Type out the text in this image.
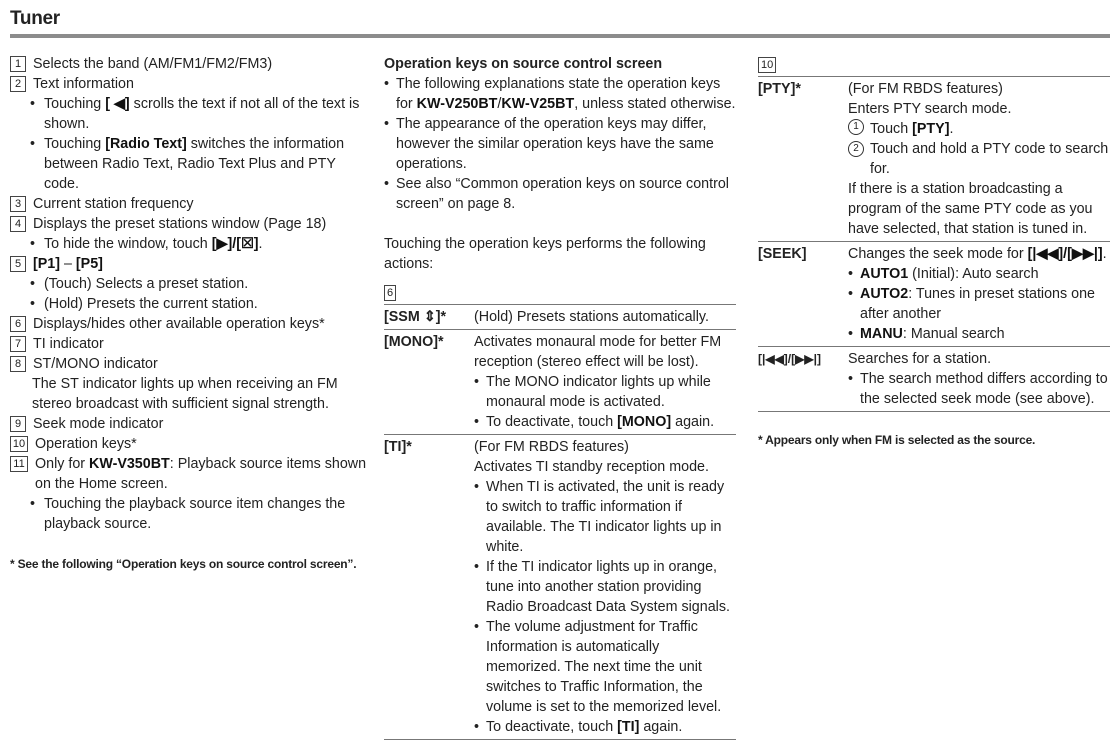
Tuner
1 Selects the band (AM/FM1/FM2/FM3)
2 Text information
• Touching [ ◀] scrolls the text if not all of the text is shown.
• Touching [Radio Text] switches the information between Radio Text, Radio Text Plus and PTY code.
3 Current station frequency
4 Displays the preset stations window (Page 18)
• To hide the window, touch [▶]/[☒].
5 [P1] – [P5]
• (Touch) Selects a preset station.
• (Hold) Presets the current station.
6 Displays/hides other available operation keys*
7 TI indicator
8 ST/MONO indicator
The ST indicator lights up when receiving an FM stereo broadcast with sufficient signal strength.
9 Seek mode indicator
10 Operation keys*
11 Only for KW-V350BT: Playback source items shown on the Home screen.
• Touching the playback source item changes the playback source.
* See the following “Operation keys on source control screen”.
Operation keys on source control screen
• The following explanations state the operation keys for KW-V250BT/KW-V25BT, unless stated otherwise.
• The appearance of the operation keys may differ, however the similar operation keys have the same operations.
• See also “Common operation keys on source control screen” on page 8.
Touching the operation keys performs the following actions:
6
[SSM ⇕]*	(Hold) Presets stations automatically.
[MONO]*	Activates monaural mode for better FM reception (stereo effect will be lost).
• The MONO indicator lights up while monaural mode is activated.
• To deactivate, touch [MONO] again.
[TI]*	(For FM RBDS features)
Activates TI standby reception mode.
• When TI is activated, the unit is ready to switch to traffic information if available. The TI indicator lights up in white.
• If the TI indicator lights up in orange, tune into another station providing Radio Broadcast Data System signals.
• The volume adjustment for Traffic Information is automatically memorized. The next time the unit switches to Traffic Information, the volume is set to the memorized level.
• To deactivate, touch [TI] again.
10
[PTY]*	(For FM RBDS features)
Enters PTY search mode.
1 Touch [PTY].
2 Touch and hold a PTY code to search for.
If there is a station broadcasting a program of the same PTY code as you have selected, that station is tuned in.
[SEEK]	Changes the seek mode for [|◀◀]/[▶▶|].
• AUTO1 (Initial): Auto search
• AUTO2: Tunes in preset stations one after another
• MANU: Manual search
[|◀◀]/[▶▶|]	Searches for a station.
• The search method differs according to the selected seek mode (see above).
* Appears only when FM is selected as the source.
